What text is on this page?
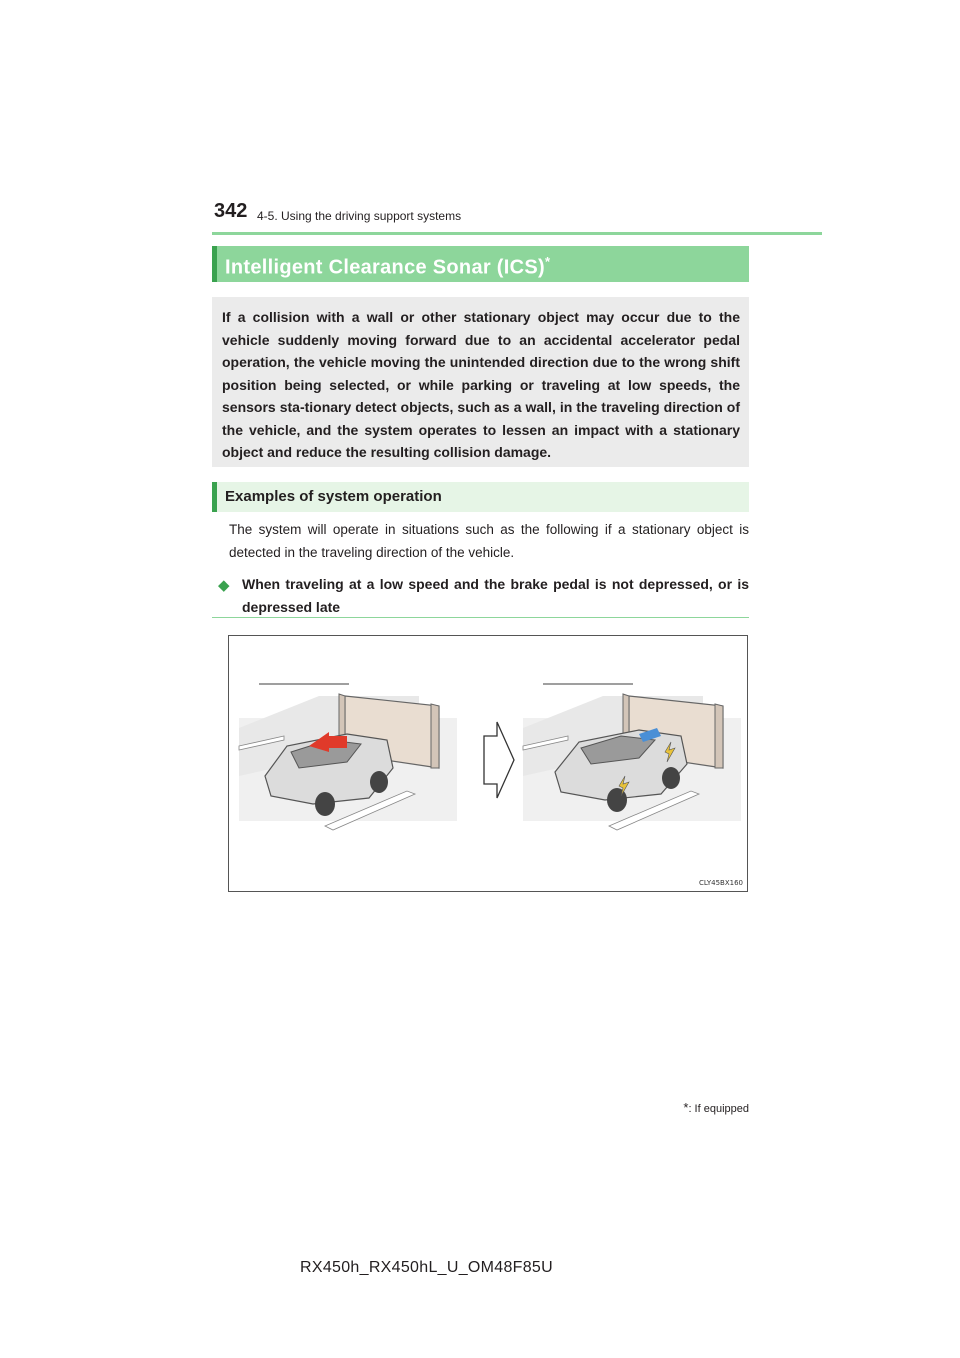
342 4-5. Using the driving support systems
Intelligent Clearance Sonar (ICS)*
If a collision with a wall or other stationary object may occur due to the vehicle suddenly moving forward due to an accidental accelerator pedal operation, the vehicle moving the unintended direction due to the wrong shift position being selected, or while parking or traveling at low speeds, the sensors sta-tionary detect objects, such as a wall, in the traveling direction of the vehicle, and the system operates to lessen an impact with a stationary object and reduce the resulting collision damage.
Examples of system operation
The system will operate in situations such as the following if a stationary object is detected in the traveling direction of the vehicle.
◆ When traveling at a low speed and the brake pedal is not depressed, or is depressed late
CLY45BX160
*: If equipped
RX450h_RX450hL_U_OM48F85U
